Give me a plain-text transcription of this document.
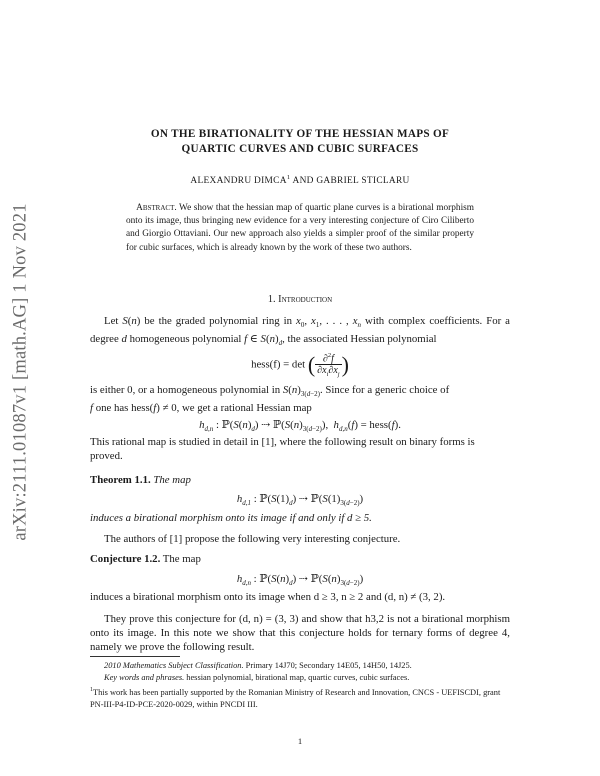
arXiv:2111.01087v1 [math.AG] 1 Nov 2021
ON THE BIRATIONALITY OF THE HESSIAN MAPS OF
QUARTIC CURVES AND CUBIC SURFACES
ALEXANDRU DIMCA$^1$ AND GABRIEL STICLARU
Abstract. We show that the hessian map of quartic plane curves is a birational morphism onto its image, thus bringing new evidence for a very interesting conjecture of Ciro Ciliberto and Giorgio Ottaviani. Our new approach also yields a simpler proof of the similar property for cubic surfaces, which is already known by the work of these two authors.
1. Introduction
Let S(n) be the graded polynomial ring in $x_0$, $x_1$, . . . , $x_n$ with complex coefficients. For a degree d homogeneous polynomial f ∈ $S(n)_d$, the associated Hessian polynomial
hess(f) = det ( $\frac{\partial^2f}{\partial x_i\partial x_j}$ )
is either 0, or a homogeneous polynomial in $S(n)_{3(d-2)}$. Since for a generic choice of
f one has hess(f) ≠ 0, we get a rational Hessian map
$h_{d,n}$ : $ℙ(S(n)_d)$ ⇢ $ℙ(S(n)_{3(d-2)})$,  $h_{d,n}(f)$ = hess(f).
This rational map is studied in detail in [1], where the following result on binary forms is proved.
Theorem 1.1. The map
$h_{d,1}$ : $ℙ(S(1)_d)$ ⇢ $ℙ(S(1)_{3(d-2)})$
induces a birational morphism onto its image if and only if d ≥ 5.
The authors of [1] propose the following very interesting conjecture.
Conjecture 1.2. The map
$h_{d,n}$ : $ℙ(S(n)_d)$ ⇢ $ℙ(S(n)_{3(d-2)})$
induces a birational morphism onto its image when d ≥ 3, n ≥ 2 and (d, n) ≠ (3, 2).
They prove this conjecture for (d, n) = (3, 3) and show that h3,2 is not a birational morphism onto its image. In this note we show that this conjecture holds for ternary forms of degree 4, namely we prove the following result.
2010 Mathematics Subject Classification. Primary 14J70; Secondary 14E05, 14H50, 14J25.
Key words and phrases. hessian polynomial, birational map, quartic curves, cubic surfaces.
$^1$This work has been partially supported by the Romanian Ministry of Research and Innovation, CNCS - UEFISCDI, grant PN-III-P4-ID-PCE-2020-0029, within PNCDI III.
1
